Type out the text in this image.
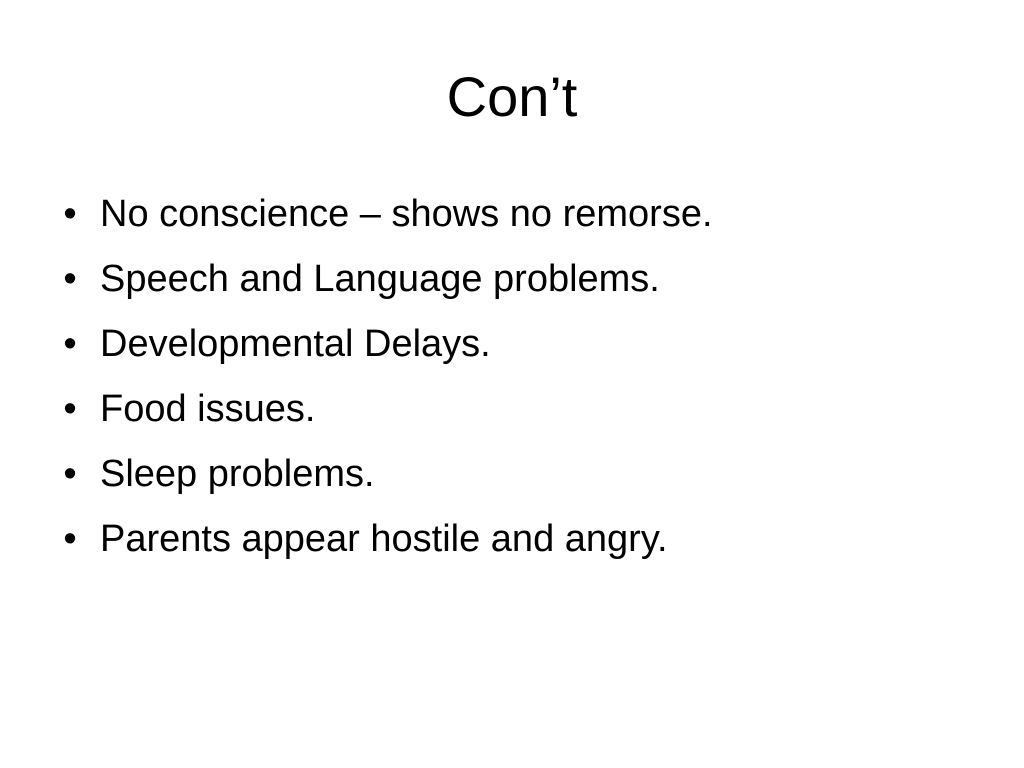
Con’t
• No conscience – shows no remorse.
• Speech and Language problems.
• Developmental Delays.
• Food issues.
• Sleep problems.
• Parents appear hostile and angry.
